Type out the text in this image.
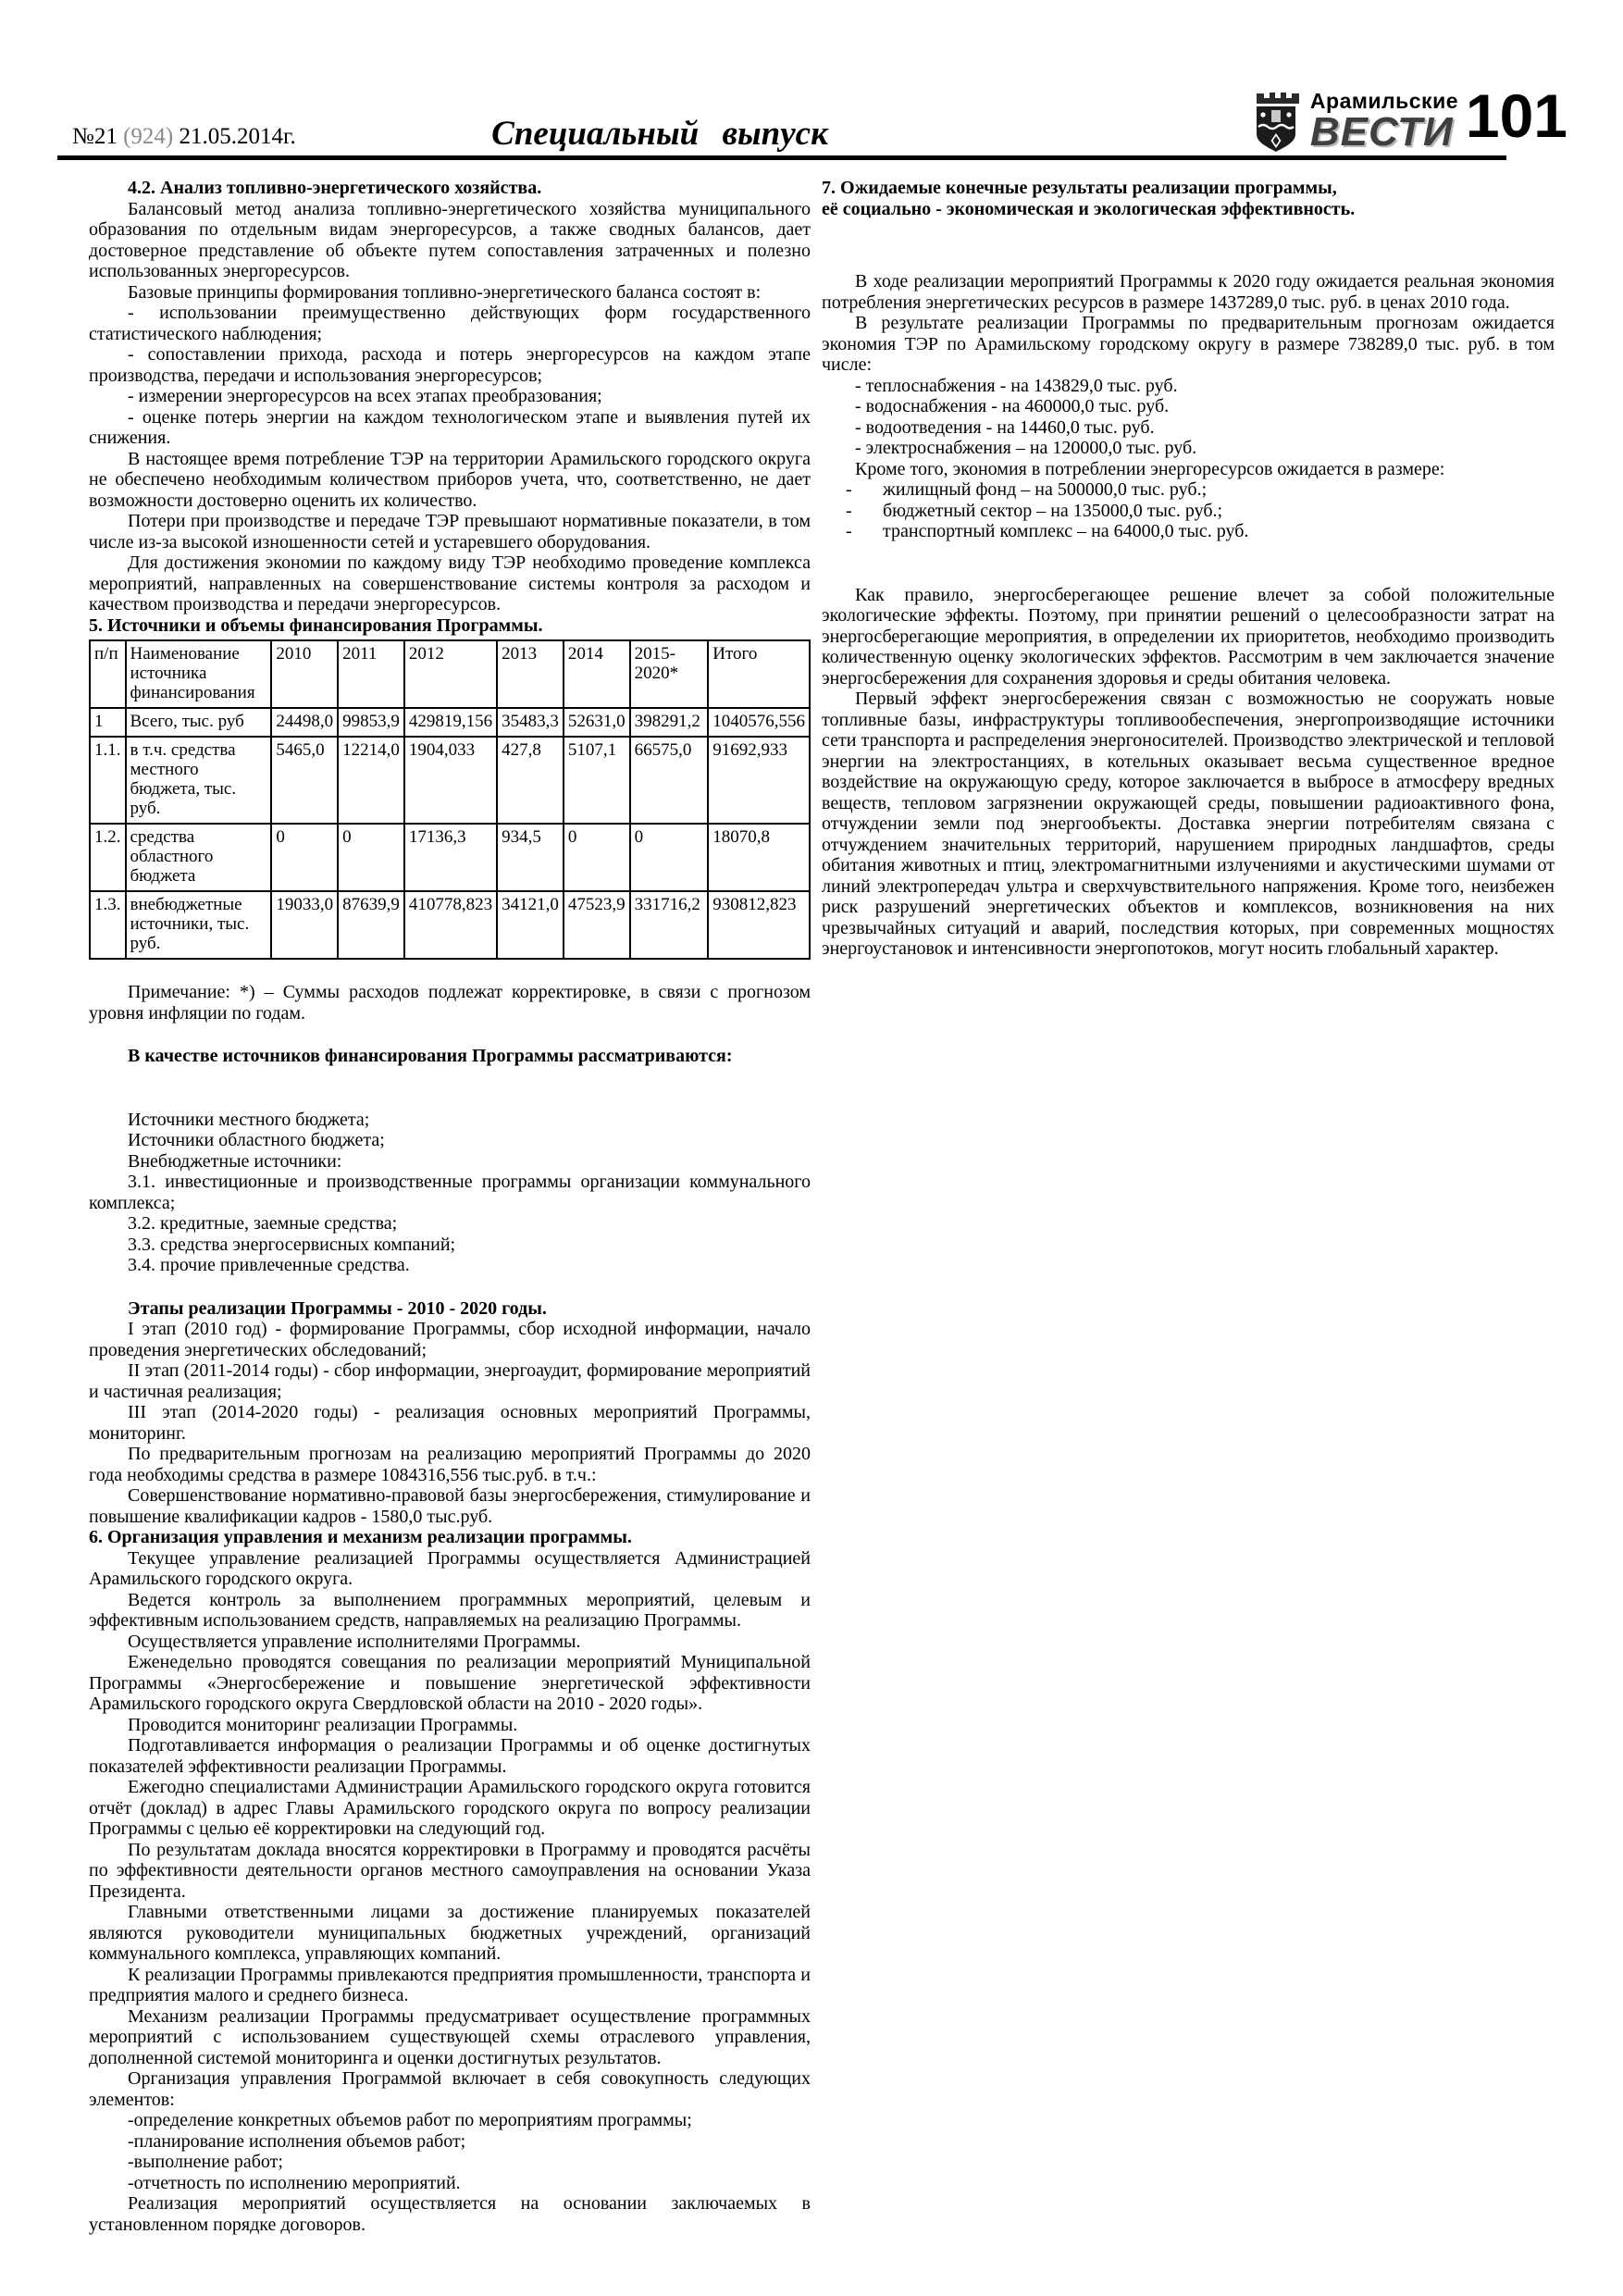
№21 (924) 21.05.2014г.	Специальный выпуск
Арамильские
ВЕСТИ 101

4.2. Анализ топливно-энергетического хозяйства.

Балансовый метод анализа топливно-энергетического хозяйства муниципального образования по отдельным видам энергоресурсов, а также сводных балансов, дает достоверное представление об объекте путем сопоставления затраченных и полезно использованных энергоресурсов.

Базовые принципы формирования топливно-энергетического баланса состоят в:

- использовании преимущественно действующих форм государственного статистического наблюдения;

- сопоставлении прихода, расхода и потерь энергоресурсов на каждом этапе производства, передачи и использования энергоресурсов;

- измерении энергоресурсов на всех этапах преобразования;

- оценке потерь энергии на каждом технологическом этапе и выявления путей их снижения.

В настоящее время потребление ТЭР на территории Арамильского городского округа не обеспечено необходимым количеством приборов учета, что, соответственно, не дает возможности достоверно оценить их количество.

Потери при производстве и передаче ТЭР превышают нормативные показатели, в том числе из-за высокой изношенности сетей и устаревшего оборудования.

Для достижения экономии по каждому виду ТЭР необходимо проведение комплекса мероприятий, направленных на совершенствование системы контроля за расходом и качеством производства и передачи энергоресурсов.

5. Источники и объемы финансирования Программы.

п/п	Наименование источника финансирования	2010	2011	2012	2013	2014	2015-2020*	Итого
1	Всего, тыс. руб	24498,0	99853,9	429819,156	35483,3	52631,0	398291,2	1040576,556
1.1.	в т.ч. средства местного бюджета, тыс. руб.	5465,0	12214,0	1904,033	427,8	5107,1	66575,0	91692,933
1.2.	средства областного бюджета	0	0	17136,3	934,5	0	0	18070,8
1.3.	внебюджетные источники, тыс. руб.	19033,0	87639,9	410778,823	34121,0	47523,9	331716,2	930812,823

Примечание: *) – Суммы расходов подлежат корректировке, в связи с прогнозом уровня инфляции по годам.

В качестве источников финансирования Программы рассматриваются:

Источники местного бюджета;

Источники областного бюджета;

Внебюджетные источники:

3.1. инвестиционные и производственные программы организации коммунального комплекса;

3.2. кредитные, заемные средства;

3.3. средства энергосервисных компаний;

3.4. прочие привлеченные средства.

Этапы реализации Программы - 2010 - 2020 годы.

I этап (2010 год) - формирование Программы, сбор исходной информации, начало проведения энергетических обследований;

II этап (2011-2014 годы) - сбор информации, энергоаудит, формирование мероприятий и частичная реализация;

III этап (2014-2020 годы) - реализация основных мероприятий Программы, мониторинг.

По предварительным прогнозам на реализацию мероприятий Программы до 2020 года необходимы средства в размере 1084316,556 тыс.руб. в т.ч.:

Совершенствование нормативно-правовой базы энергосбережения, стимулирование и повышение квалификации кадров - 1580,0 тыс.руб.

6. Организация управления и механизм реализации программы.

Текущее управление реализацией Программы осуществляется Администрацией Арамильского городского округа.

Ведется контроль за выполнением программных мероприятий, целевым и эффективным использованием средств, направляемых на реализацию Программы.

Осуществляется управление исполнителями Программы.

Еженедельно проводятся совещания по реализации мероприятий Муниципальной Программы «Энергосбережение и повышение энергетической эффективности Арамильского городского округа Свердловской области на 2010 - 2020 годы».

Проводится мониторинг реализации Программы.

Подготавливается информация о реализации Программы и об оценке достигнутых показателей эффективности реализации Программы.

Ежегодно специалистами Администрации Арамильского городского округа готовится отчёт (доклад) в адрес Главы Арамильского городского округа по вопросу реализации Программы с целью её корректировки на следующий год.

По результатам доклада вносятся корректировки в Программу и проводятся расчёты по эффективности деятельности органов местного самоуправления на основании Указа Президента.

Главными ответственными лицами за достижение планируемых показателей являются руководители муниципальных бюджетных учреждений, организаций коммунального комплекса, управляющих компаний.

К реализации Программы привлекаются предприятия промышленности, транспорта и предприятия малого и среднего бизнеса.

Механизм реализации Программы предусматривает осуществление программных мероприятий с использованием существующей схемы отраслевого управления, дополненной системой мониторинга и оценки достигнутых результатов.

Организация управления Программой включает в себя совокупность следующих элементов:

-определение конкретных объемов работ по мероприятиям программы;

-планирование исполнения объемов работ;

-выполнение работ;

-отчетность по исполнению мероприятий.

Реализация мероприятий осуществляется на основании заключаемых в установленном порядке договоров.

7. Ожидаемые конечные результаты реализации программы,
её социально - экономическая и экологическая эффективность.

В ходе реализации мероприятий Программы к 2020 году ожидается реальная экономия потребления энергетических ресурсов в размере 1437289,0 тыс. руб. в ценах 2010 года.

В результате реализации Программы по предварительным прогнозам ожидается экономия ТЭР по Арамильскому городскому округу в размере 738289,0 тыс. руб. в том числе:

- теплоснабжения - на 143829,0 тыс. руб.

- водоснабжения - на 460000,0 тыс. руб.

- водоотведения - на 14460,0 тыс. руб.

- электроснабжения – на 120000,0 тыс. руб.

Кроме того, экономия в потреблении энергоресурсов ожидается в размере:

-	жилищный фонд – на 500000,0 тыс. руб.;

-	бюджетный сектор – на 135000,0 тыс. руб.;

-	транспортный комплекс – на 64000,0 тыс. руб.

Как правило, энергосберегающее решение влечет за собой положительные экологические эффекты. Поэтому, при принятии решений о целесообразности затрат на энергосберегающие мероприятия, в определении их приоритетов, необходимо производить количественную оценку экологических эффектов. Рассмотрим в чем заключается значение энергосбережения для сохранения здоровья и среды обитания человека.

Первый эффект энергосбережения связан с возможностью не сооружать новые топливные базы, инфраструктуры топливообеспечения, энергопроизводящие источники сети транспорта и распределения энергоносителей. Производство электрической и тепловой энергии на электростанциях, в котельных оказывает весьма существенное вредное воздействие на окружающую среду, которое заключается в выбросе в атмосферу вредных веществ, тепловом загрязнении окружающей среды, повышении радиоактивного фона, отчуждении земли под энергообъекты. Доставка энергии потребителям связана с отчуждением значительных территорий, нарушением природных ландшафтов, среды обитания животных и птиц, электромагнитными излучениями и акустическими шумами от линий электропередач ультра и сверхчувствительного напряжения. Кроме того, неизбежен риск разрушений энергетических объектов и комплексов, возникновения на них чрезвычайных ситуаций и аварий, последствия которых, при современных мощностях энергоустановок и интенсивности энергопотоков, могут носить глобальный характер.
